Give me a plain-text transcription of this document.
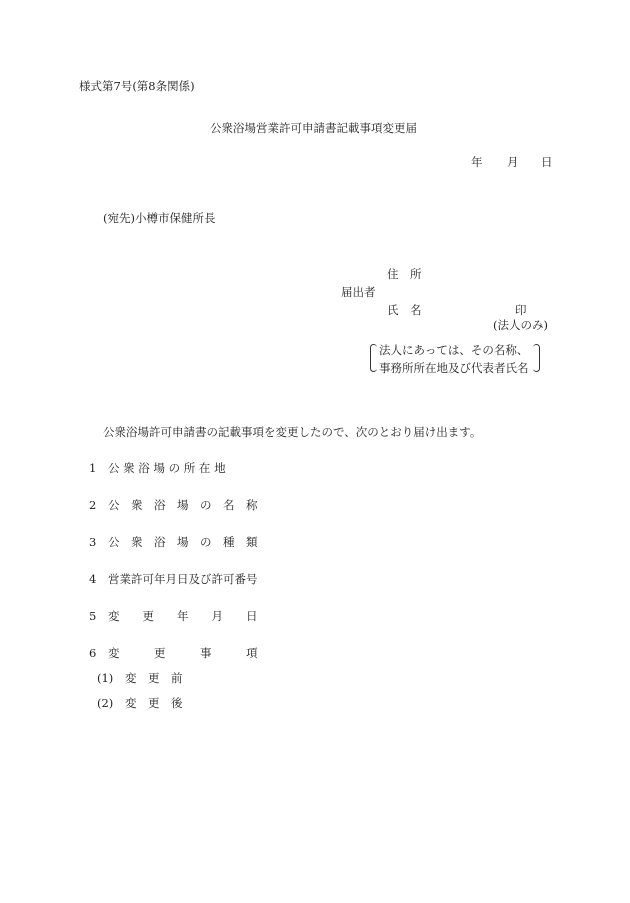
様式第7号(第8条関係)
公衆浴場営業許可申請書記載事項変更届
年 月 日
(宛先)小樽市保健所長
住　所
届出者
氏　名	印
(法人のみ)
法人にあっては、その名称、
事務所所在地及び代表者氏名
公衆浴場許可申請書の記載事項を変更したので、次のとおり届け出ます。
1 公 衆 浴 場 の 所 在 地
2 公　衆　浴　場　の　名　称
3 公　衆　浴　場　の　種　類
4 営業許可年月日及び許可番号
5 変　　更　　年　　月　　日
6 変　　　更　　　事　　　項
(1) 変　更　前
(2) 変　更　後
